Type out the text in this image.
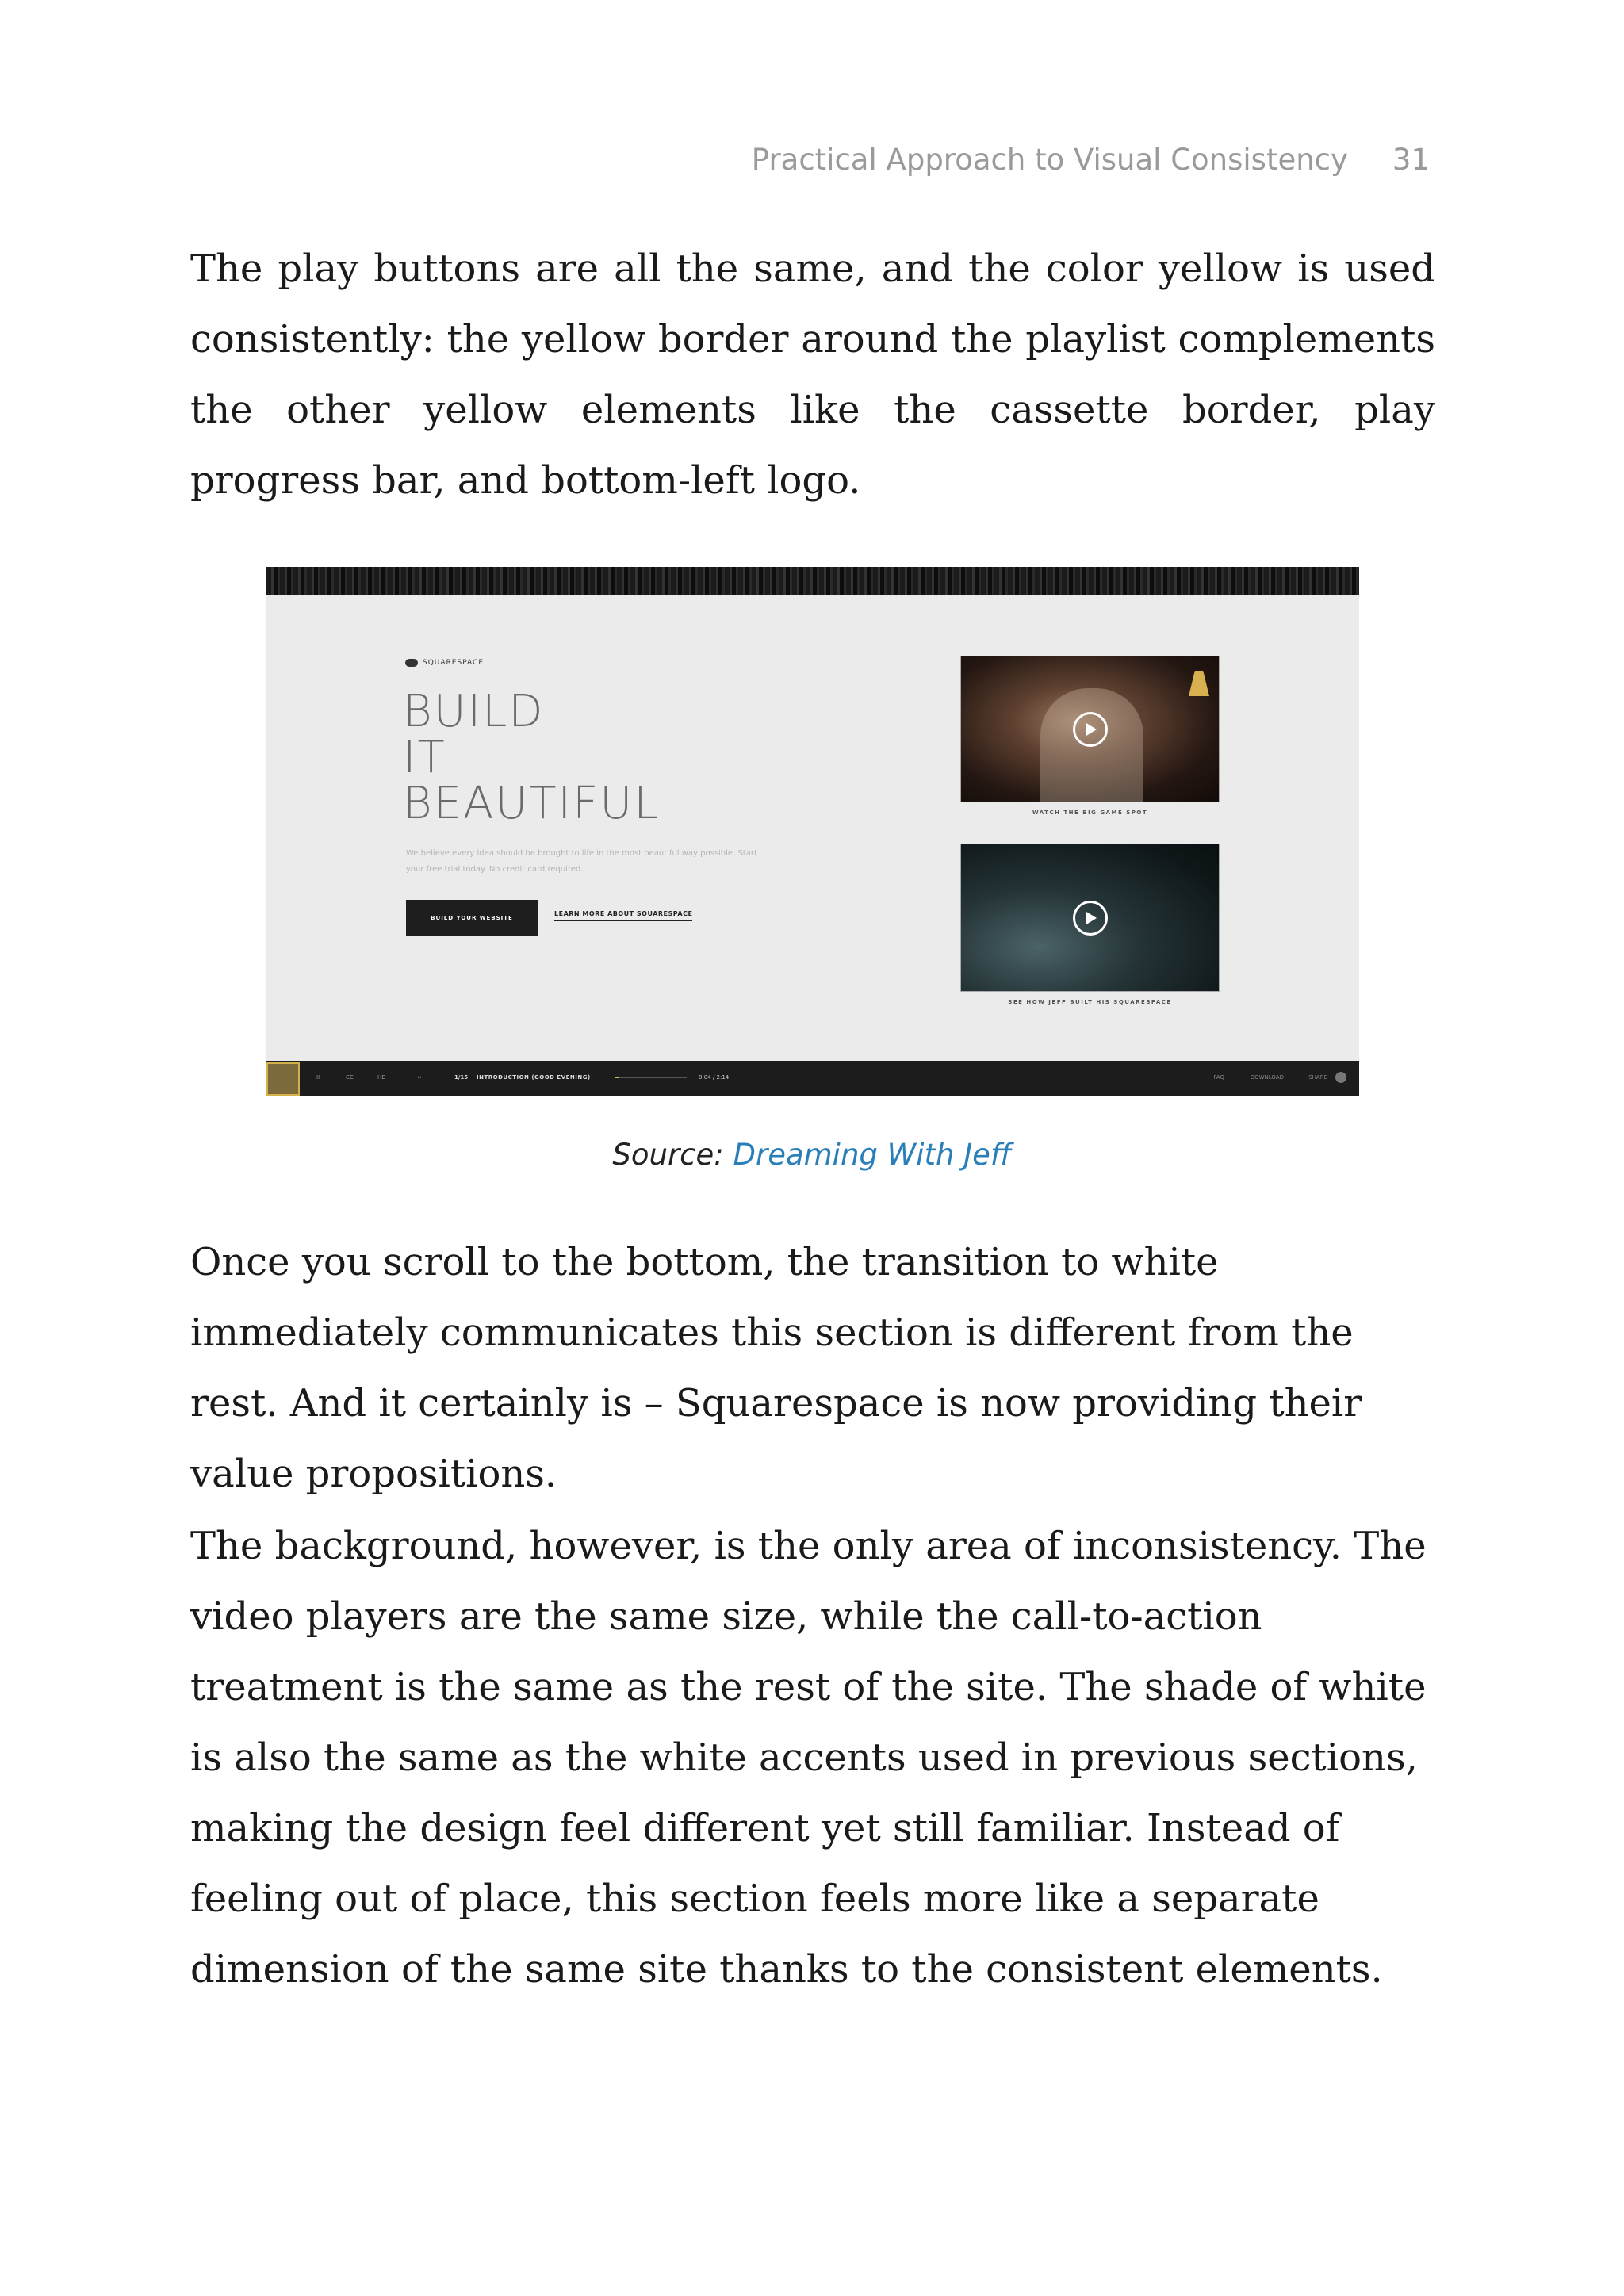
Practical Approach to Visual Consistency 31

The play buttons are all the same, and the color yellow is used consistently: the yellow border around the playlist complements the other yellow elements like the cassette border, play progress bar, and bottom-left logo.

SQUARESPACE
BUILD
IT
BEAUTIFUL
We believe every idea should be brought to life in the most beautiful way possible. Start your free trial today. No credit card required.
BUILD YOUR WEBSITE
LEARN MORE ABOUT SQUARESPACE
WATCH THE BIG GAME SPOT
SEE HOW JEFF BUILT HIS SQUARESPACE
II	CC	HD	‹‹	1/15 INTRODUCTION (GOOD EVENING)	0:04 / 2:14	FAQ	DOWNLOAD	SHARE
Source: Dreaming With Jeff

Once you scroll to the bottom, the transition to white immediately communicates this section is different from the rest. And it certainly is – Squarespace is now providing their value propositions.

The background, however, is the only area of inconsistency. The video players are the same size, while the call-to-action treatment is the same as the rest of the site. The shade of white is also the same as the white accents used in previous sections, making the design feel different yet still familiar. Instead of feeling out of place, this section feels more like a separate dimension of the same site thanks to the consistent elements.
